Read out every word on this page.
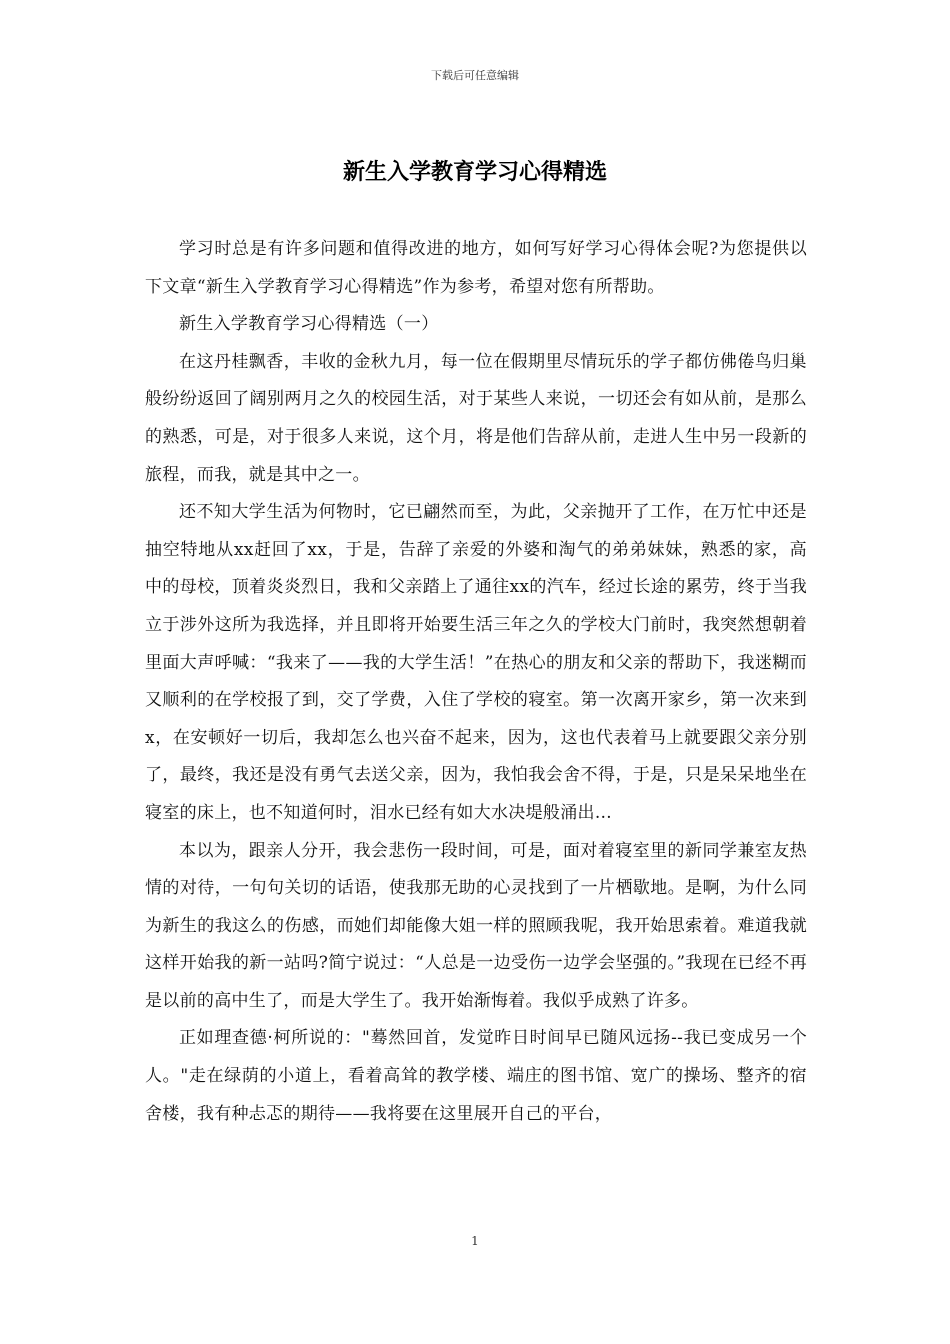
下载后可任意编辑
新生入学教育学习心得精选

学习时总是有许多问题和值得改进的地方，如何写好学习心得体会呢?为您提供以下文章“新生入学教育学习心得精选”作为参考，希望对您有所帮助。

新生入学教育学习心得精选（一）

在这丹桂飘香，丰收的金秋九月，每一位在假期里尽情玩乐的学子都仿佛倦鸟归巢般纷纷返回了阔别两月之久的校园生活，对于某些人来说，一切还会有如从前，是那么的熟悉，可是，对于很多人来说，这个月，将是他们告辞从前，走进人生中另一段新的旅程，而我，就是其中之一。

还不知大学生活为何物时，它已翩然而至，为此，父亲抛开了工作，在万忙中还是抽空特地从xx赶回了xx，于是，告辞了亲爱的外婆和淘气的弟弟妹妹，熟悉的家，高中的母校，顶着炎炎烈日，我和父亲踏上了通往xx的汽车，经过长途的累劳，终于当我立于涉外这所为我选择，并且即将开始要生活三年之久的学校大门前时，我突然想朝着里面大声呼喊：“我来了——我的大学生活！”在热心的朋友和父亲的帮助下，我迷糊而又顺利的在学校报了到，交了学费，入住了学校的寝室。第一次离开家乡，第一次来到x，在安顿好一切后，我却怎么也兴奋不起来，因为，这也代表着马上就要跟父亲分别了，最终，我还是没有勇气去送父亲，因为，我怕我会舍不得，于是，只是呆呆地坐在寝室的床上，也不知道何时，泪水已经有如大水决堤般涌出…

本以为，跟亲人分开，我会悲伤一段时间，可是，面对着寝室里的新同学兼室友热情的对待，一句句关切的话语，使我那无助的心灵找到了一片栖歇地。是啊，为什么同为新生的我这么的伤感，而她们却能像大姐一样的照顾我呢，我开始思索着。难道我就这样开始我的新一站吗?简宁说过：“人总是一边受伤一边学会坚强的。”我现在已经不再是以前的高中生了，而是大学生了。我开始渐悔着。我似乎成熟了许多。

正如理查德·柯所说的："蓦然回首，发觉昨日时间早已随风远扬--我已变成另一个人。"走在绿荫的小道上，看着高耸的教学楼、端庄的图书馆、宽广的操场、整齐的宿舍楼，我有种忐忑的期待——我将要在这里展开自己的平台，

1
